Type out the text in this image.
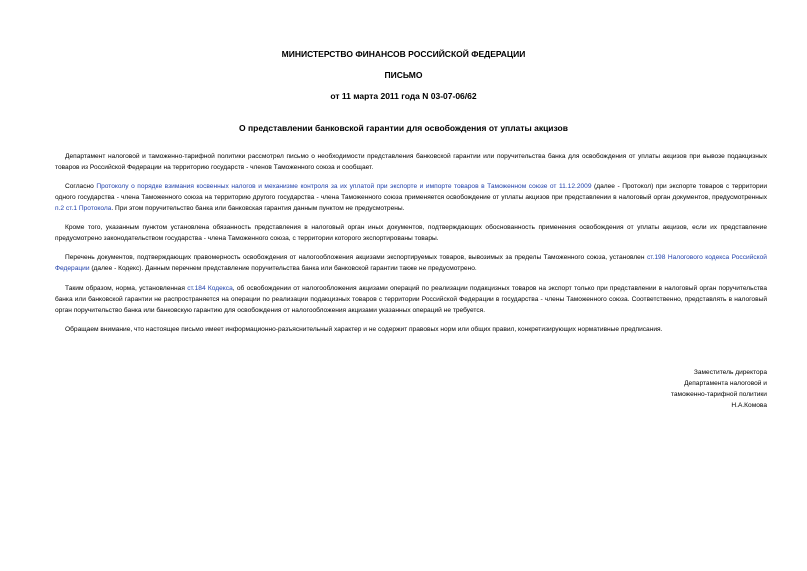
МИНИСТЕРСТВО ФИНАНСОВ РОССИЙСКОЙ ФЕДЕРАЦИИ
ПИСЬМО
от 11 марта 2011 года N 03-07-06/62
О представлении банковской гарантии для освобождения от уплаты акцизов
Департамент налоговой и таможенно-тарифной политики рассмотрел письмо о необходимости представления банковской гарантии или поручительства банка для освобождения от уплаты акцизов при вывозе подакцизных товаров из Российской Федерации на территорию государств - членов Таможенного союза и сообщает.
Согласно Протоколу о порядке взимания косвенных налогов и механизме контроля за их уплатой при экспорте и импорте товаров в Таможенном союзе от 11.12.2009 (далее - Протокол) при экспорте товаров с территории одного государства - члена Таможенного союза на территорию другого государства - члена Таможенного союза применяется освобождение от уплаты акцизов при представлении в налоговый орган документов, предусмотренных п.2 ст.1 Протокола. При этом поручительство банка или банковская гарантия данным пунктом не предусмотрены.
Кроме того, указанным пунктом установлена обязанность представления в налоговый орган иных документов, подтверждающих обоснованность применения освобождения от уплаты акцизов, если их представление предусмотрено законодательством государства - члена Таможенного союза, с территории которого экспортированы товары.
Перечень документов, подтверждающих правомерность освобождения от налогообложения акцизами экспортируемых товаров, вывозимых за пределы Таможенного союза, установлен ст.198 Налогового кодекса Российской Федерации (далее - Кодекс). Данным перечнем представление поручительства банка или банковской гарантии также не предусмотрено.
Таким образом, норма, установленная ст.184 Кодекса, об освобождении от налогообложения акцизами операций по реализации подакцизных товаров на экспорт только при представлении в налоговый орган поручительства банка или банковской гарантии не распространяется на операции по реализации подакцизных товаров с территории Российской Федерации в государства - члены Таможенного союза. Соответственно, представлять в налоговый орган поручительство банка или банковскую гарантию для освобождения от налогообложения акцизами указанных операций не требуется.
Обращаем внимание, что настоящее письмо имеет информационно-разъяснительный характер и не содержит правовых норм или общих правил, конкретизирующих нормативные предписания.
Заместитель директора
Департамента налоговой и
таможенно-тарифной политики
Н.А.Комова
